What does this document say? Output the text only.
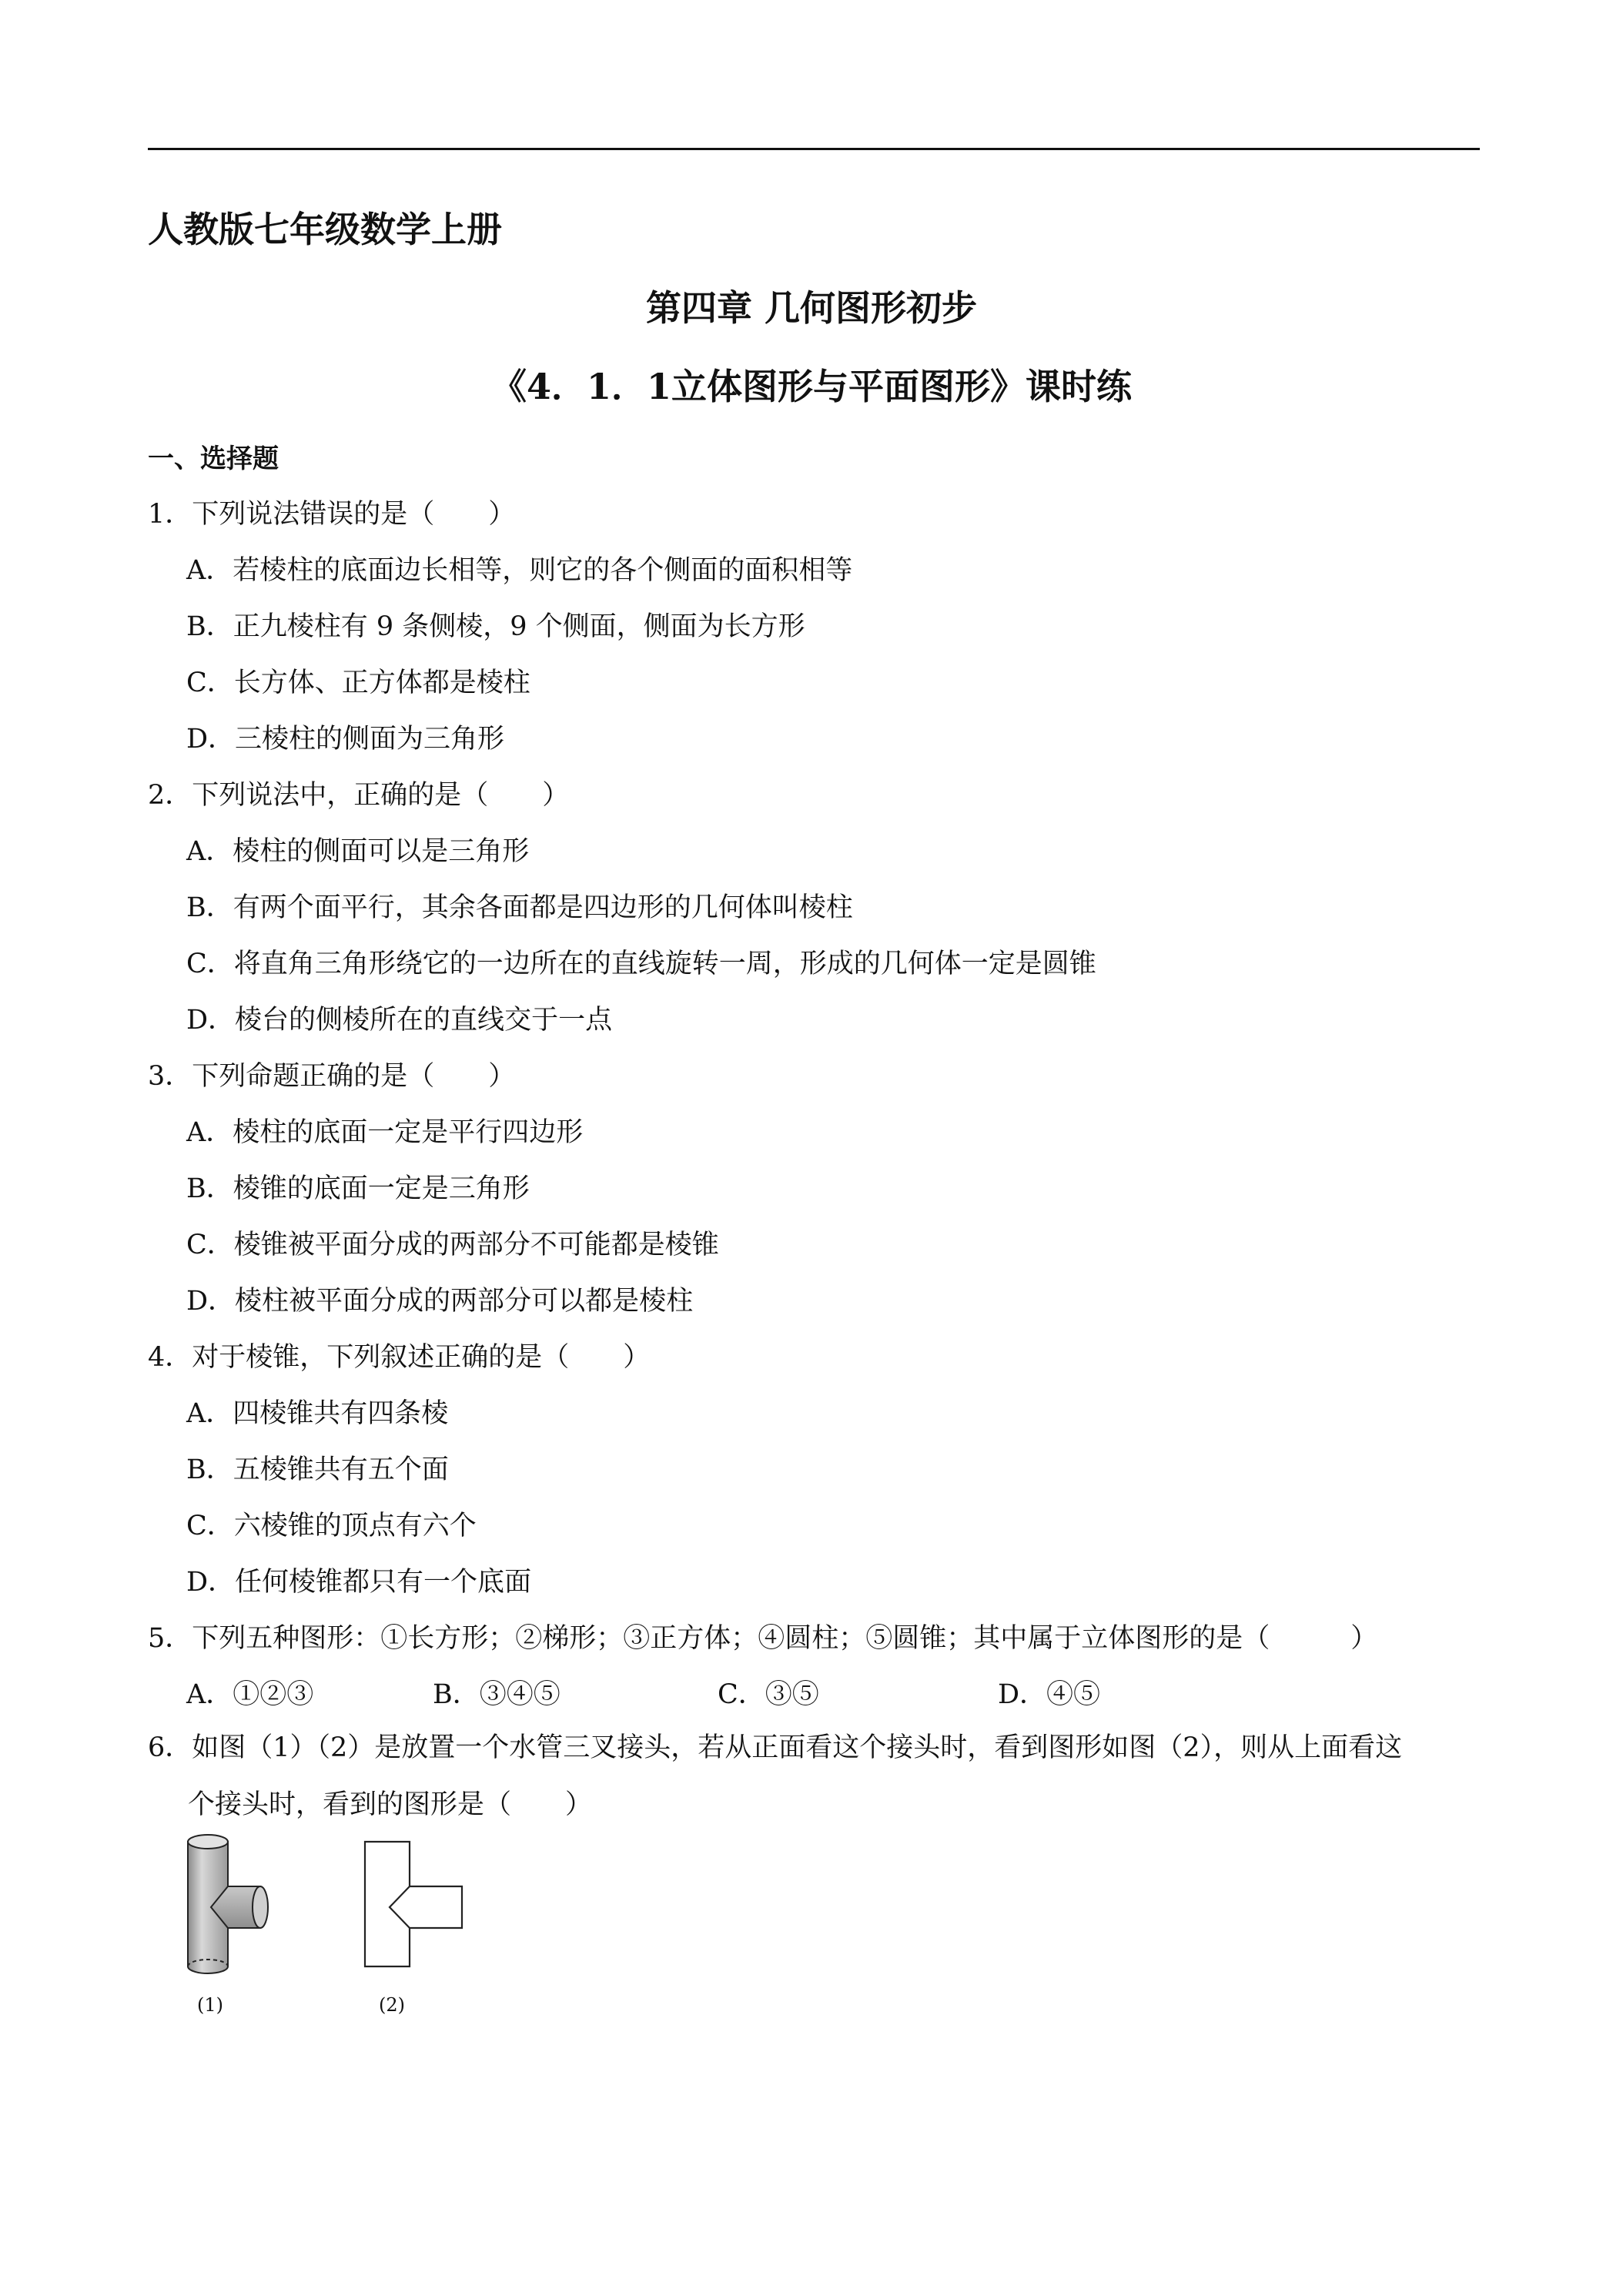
人教版七年级数学上册
第四章 几何图形初步
《4．1．1立体图形与平面图形》课时练
一、选择题
1．下列说法错误的是（　　）
A．若棱柱的底面边长相等，则它的各个侧面的面积相等
B．正九棱柱有 9 条侧棱，9 个侧面，侧面为长方形
C．长方体、正方体都是棱柱
D．三棱柱的侧面为三角形
2．下列说法中，正确的是（　　）
A．棱柱的侧面可以是三角形
B．有两个面平行，其余各面都是四边形的几何体叫棱柱
C．将直角三角形绕它的一边所在的直线旋转一周，形成的几何体一定是圆锥
D．棱台的侧棱所在的直线交于一点
3．下列命题正确的是（　　）
A．棱柱的底面一定是平行四边形
B．棱锥的底面一定是三角形
C．棱锥被平面分成的两部分不可能都是棱锥
D．棱柱被平面分成的两部分可以都是棱柱
4．对于棱锥，下列叙述正确的是（　　）
A．四棱锥共有四条棱
B．五棱锥共有五个面
C．六棱锥的顶点有六个
D．任何棱锥都只有一个底面
5．下列五种图形：①长方形；②梯形；③正方体；④圆柱；⑤圆锥；其中属于立体图形的是（　　　）
A．①②③	B．③④⑤	C．③⑤	D．④⑤
6．如图（1）（2）是放置一个水管三叉接头，若从正面看这个接头时，看到图形如图（2），则从上面看这
个接头时，看到的图形是（　　）
(1)	(2)
